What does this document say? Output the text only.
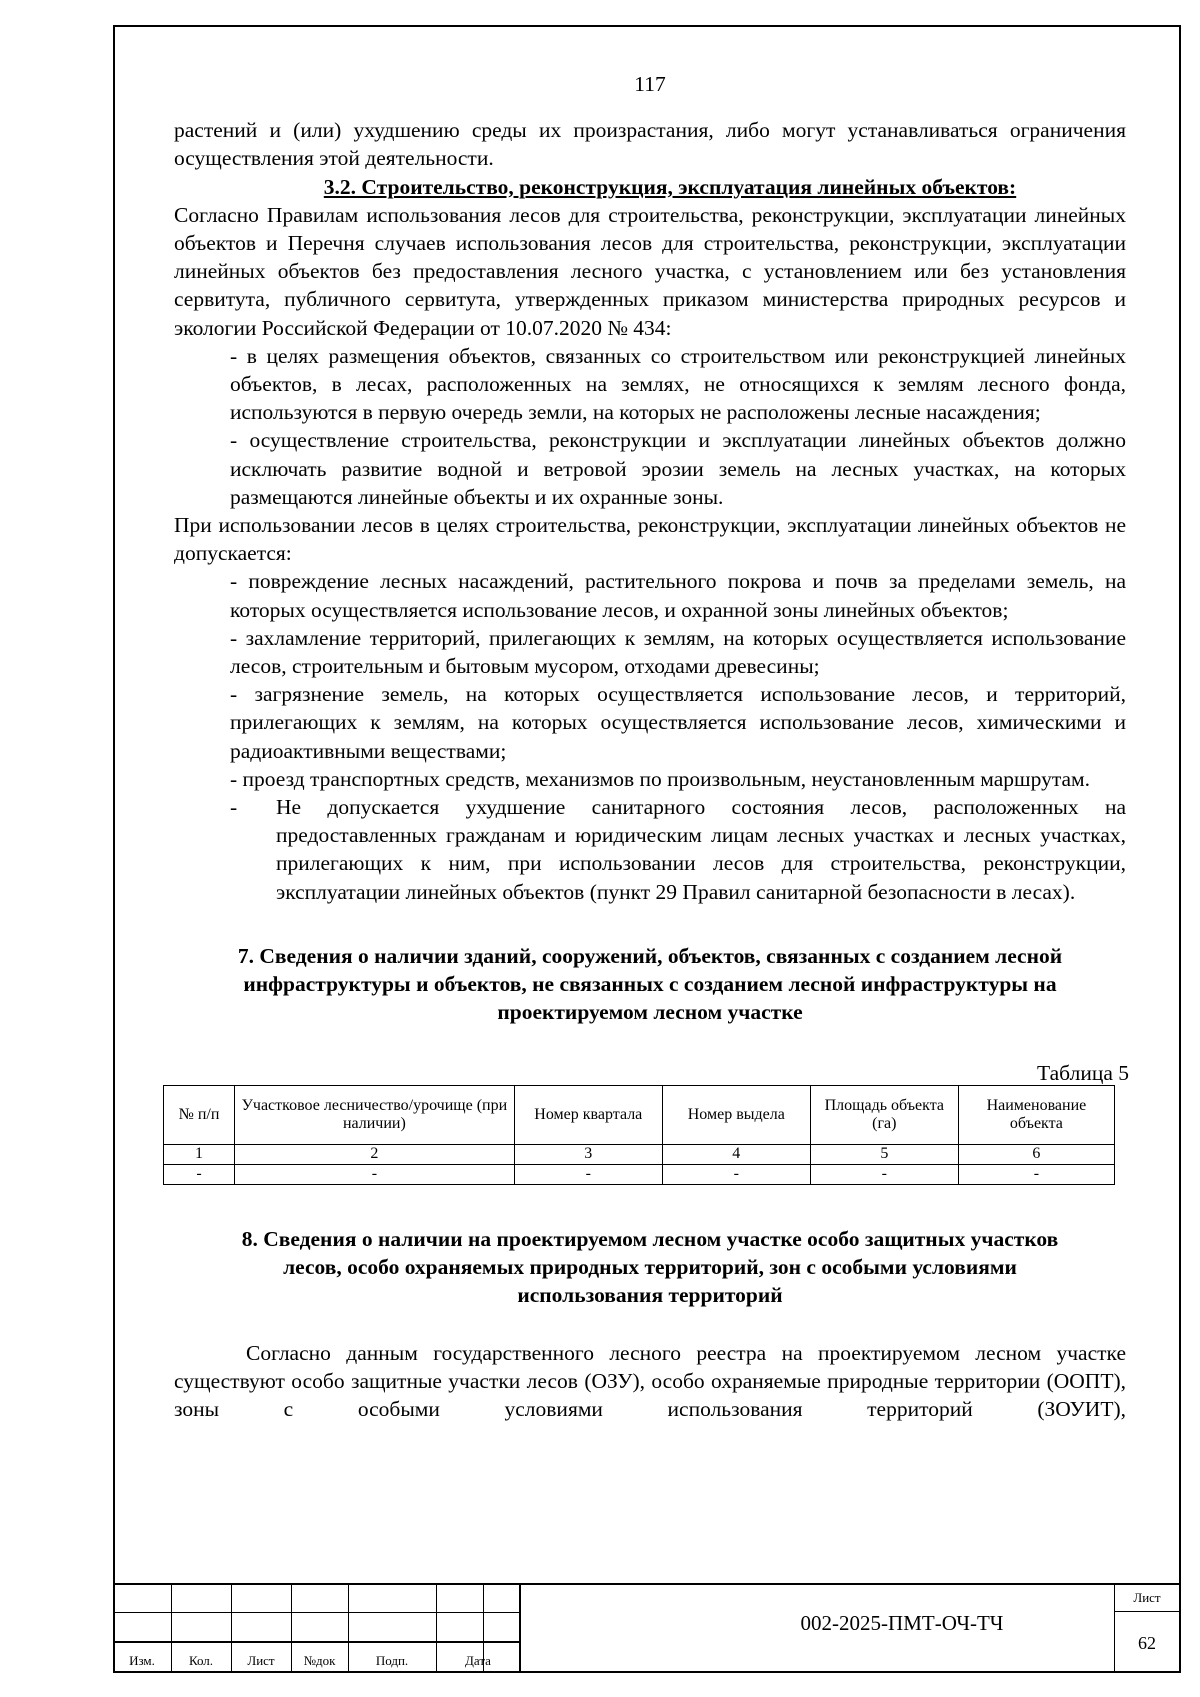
117

растений и (или) ухудшению среды их произрастания, либо могут устанавливаться ограничения осуществления этой деятельности.

3.2. Строительство, реконструкция, эксплуатация линейных объектов:

Согласно Правилам использования лесов для строительства, реконструкции, эксплуатации линейных объектов и Перечня случаев использования лесов для строительства, реконструкции, эксплуатации линейных объектов без предоставления лесного участка, с установлением или без установления сервитута, публичного сервитута, утвержденных приказом министерства природных ресурсов и экологии Российской Федерации от 10.07.2020 № 434:

- в целях размещения объектов, связанных со строительством или реконструкцией линейных объектов, в лесах, расположенных на землях, не относящихся к землям лесного фонда, используются в первую очередь земли, на которых не расположены лесные насаждения;

- осуществление строительства, реконструкции и эксплуатации линейных объектов должно исключать развитие водной и ветровой эрозии земель на лесных участках, на которых размещаются линейные объекты и их охранные зоны.

При использовании лесов в целях строительства, реконструкции, эксплуатации линейных объектов не допускается:

- повреждение лесных насаждений, растительного покрова и почв за пределами земель, на которых осуществляется использование лесов, и охранной зоны линейных объектов;

- захламление территорий, прилегающих к землям, на которых осуществляется использование лесов, строительным и бытовым мусором, отходами древесины;

- загрязнение земель, на которых осуществляется использование лесов, и территорий, прилегающих к землям, на которых осуществляется использование лесов, химическими и радиоактивными веществами;

- проезд транспортных средств, механизмов по произвольным, неустановленным маршрутам.

- Не допускается ухудшение санитарного состояния лесов, расположенных на предоставленных гражданам и юридическим лицам лесных участках и лесных участках, прилегающих к ним, при использовании лесов для строительства, реконструкции, эксплуатации линейных объектов (пункт 29 Правил санитарной безопасности в лесах).

7. Сведения о наличии зданий, сооружений, объектов, связанных с созданием лесной

инфраструктуры и объектов, не связанных с созданием лесной инфраструктуры на

проектируемом лесном участке

Таблица 5
№ п/п	Участковое лесничество/урочище (при наличии)	Номер квартала	Номер выдела	Площадь объекта (га)	Наименование объекта
1	2	3	4	5	6
-	-	-	-	-	-

8. Сведения о наличии на проектируемом лесном участке особо защитных участков

лесов, особо охраняемых природных территорий, зон с особыми условиями

использования территорий

Согласно данным государственного лесного реестра на проектируемом лесном участке существуют особо защитные участки лесов (ОЗУ), особо охраняемые природные территории (ООПТ), зоны с особыми условиями использования территорий (ЗОУИТ),

Изм.	Кол.	Лист	№док	Подп.	Дата
002-2025-ПМТ-ОЧ-ТЧ
Лист
62
